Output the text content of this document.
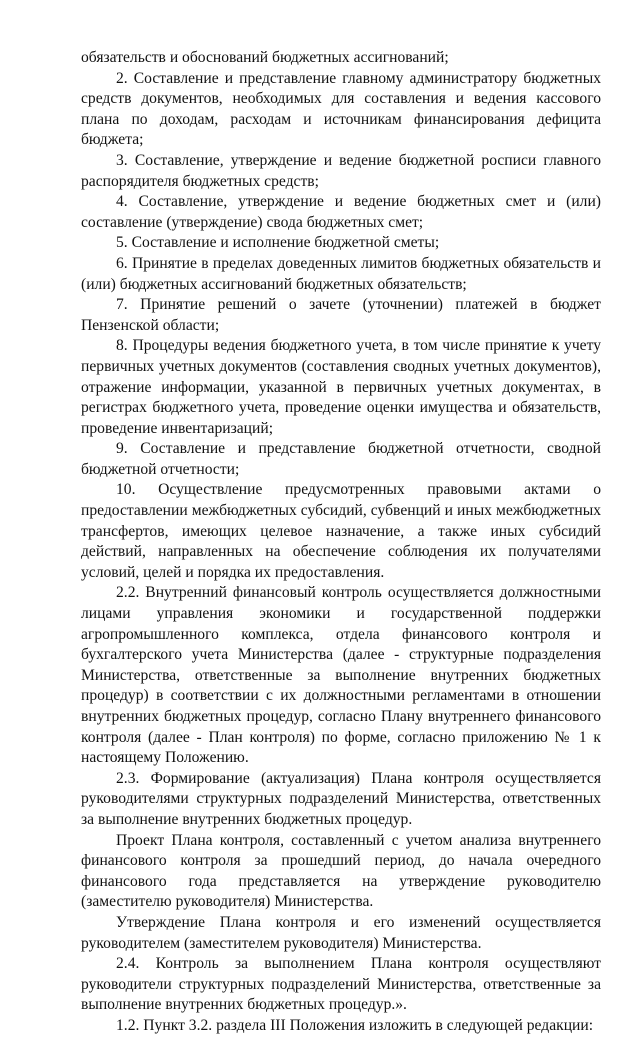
обязательств и обоснований бюджетных ассигнований;

2. Составление и представление главному администратору бюджетных средств документов, необходимых для составления и ведения кассового плана по доходам, расходам и источникам финансирования дефицита бюджета;

3. Составление, утверждение и ведение бюджетной росписи главного распорядителя бюджетных средств;

4. Составление, утверждение и ведение бюджетных смет и (или) составление (утверждение) свода бюджетных смет;

5. Составление и исполнение бюджетной сметы;

6. Принятие в пределах доведенных лимитов бюджетных обязательств и (или) бюджетных ассигнований бюджетных обязательств;

7. Принятие решений о зачете (уточнении) платежей в бюджет Пензенской области;

8. Процедуры ведения бюджетного учета, в том числе принятие к учету первичных учетных документов (составления сводных учетных документов), отражение информации, указанной в первичных учетных документах, в регистрах бюджетного учета, проведение оценки имущества и обязательств, проведение инвентаризаций;

9. Составление и представление бюджетной отчетности, сводной бюджетной отчетности;

10. Осуществление предусмотренных правовыми актами о предоставлении межбюджетных субсидий, субвенций и иных межбюджетных трансфертов, имеющих целевое назначение, а также иных субсидий действий, направленных на обеспечение соблюдения их получателями условий, целей и порядка их предоставления.

2.2. Внутренний финансовый контроль осуществляется должностными лицами управления экономики и государственной поддержки агропромышленного комплекса, отдела финансового контроля и бухгалтерского учета Министерства (далее - структурные подразделения Министерства, ответственные за выполнение внутренних бюджетных процедур) в соответствии с их должностными регламентами в отношении внутренних бюджетных процедур, согласно Плану внутреннего финансового контроля (далее - План контроля) по форме, согласно приложению № 1 к настоящему Положению.

2.3. Формирование (актуализация) Плана контроля осуществляется руководителями структурных подразделений Министерства, ответственных за выполнение внутренних бюджетных процедур.

Проект Плана контроля, составленный с учетом анализа внутреннего финансового контроля за прошедший период, до начала очередного финансового года представляется на утверждение руководителю (заместителю руководителя) Министерства.

Утверждение Плана контроля и его изменений осуществляется руководителем (заместителем руководителя) Министерства.

2.4. Контроль за выполнением Плана контроля осуществляют руководители структурных подразделений Министерства, ответственные за выполнение внутренних бюджетных процедур.».

1.2. Пункт 3.2. раздела III Положения изложить в следующей редакции:
